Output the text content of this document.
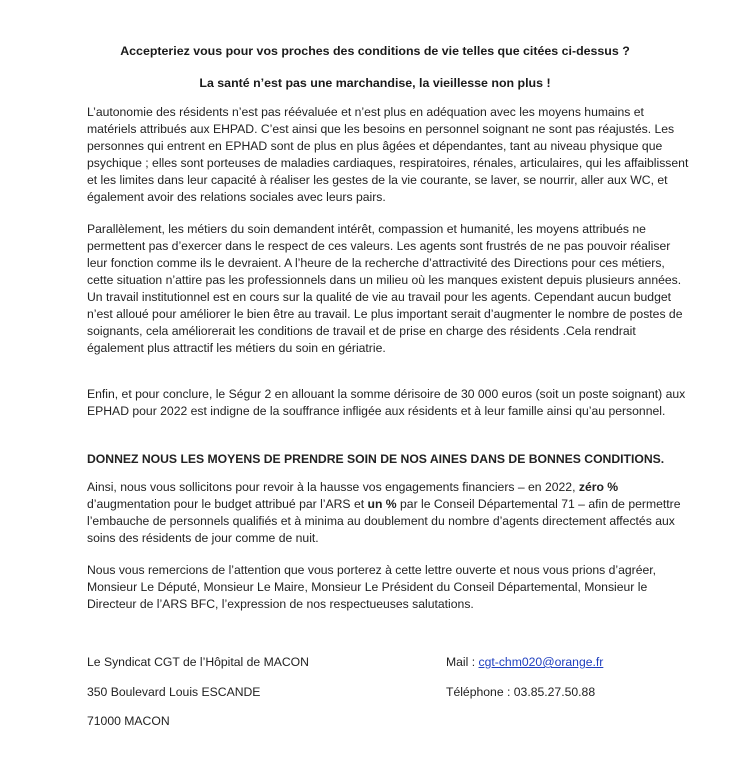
Accepteriez vous pour vos proches des conditions de vie telles que citées ci-dessus ?
La santé n’est pas une marchandise, la vieillesse non plus !

L’autonomie des résidents n’est pas réévaluée et n’est plus en adéquation avec les moyens humains et matériels attribués aux EHPAD. C’est ainsi que les besoins en personnel soignant ne sont pas réajustés. Les personnes qui entrent en EPHAD sont de plus en plus âgées et dépendantes, tant au niveau physique que psychique ; elles sont porteuses de maladies cardiaques, respiratoires, rénales, articulaires, qui les affaiblissent et les limites dans leur capacité à réaliser les gestes de la vie courante, se laver, se nourrir, aller aux WC, et également avoir des relations sociales avec leurs pairs.

Parallèlement, les métiers du soin demandent intérêt, compassion et humanité, les moyens attribués ne permettent pas d’exercer dans le respect de ces valeurs. Les agents sont frustrés de ne pas pouvoir réaliser leur fonction comme ils le devraient. A l’heure de la recherche d’attractivité des Directions pour ces métiers, cette situation n’attire pas les professionnels dans un milieu où les manques existent depuis plusieurs années. Un travail institutionnel est en cours sur la qualité de vie au travail pour les agents. Cependant aucun budget n’est alloué pour améliorer le bien être au travail. Le plus important serait d’augmenter le nombre de postes de soignants, cela améliorerait les conditions de travail et de prise en charge des résidents .Cela rendrait également plus attractif les métiers du soin en gériatrie.

Enfin, et pour conclure, le Ségur 2 en allouant la somme dérisoire de 30 000 euros (soit un poste soignant) aux EPHAD pour 2022 est indigne de la souffrance infligée aux résidents et à leur famille ainsi qu’au personnel.

DONNEZ NOUS LES MOYENS DE PRENDRE SOIN DE NOS AINES DANS DE BONNES CONDITIONS.

Ainsi, nous vous sollicitons pour revoir à la hausse vos engagements financiers – en 2022, zéro % d’augmentation pour le budget attribué par l’ARS et un % par le Conseil Départemental 71 – afin de permettre l’embauche de personnels qualifiés et à minima au doublement du nombre d’agents directement affectés aux soins des résidents de jour comme de nuit.

Nous vous remercions de l’attention que vous porterez à cette lettre ouverte et nous vous prions d’agréer, Monsieur Le Député, Monsieur Le Maire, Monsieur Le Président du Conseil Départemental, Monsieur le Directeur de l’ARS BFC, l’expression de nos respectueuses salutations.

Le Syndicat CGT de l’Hôpital de MACON
350 Boulevard Louis ESCANDE
71000 MACON
Mail : cgt-chm020@orange.fr
Téléphone : 03.85.27.50.88
